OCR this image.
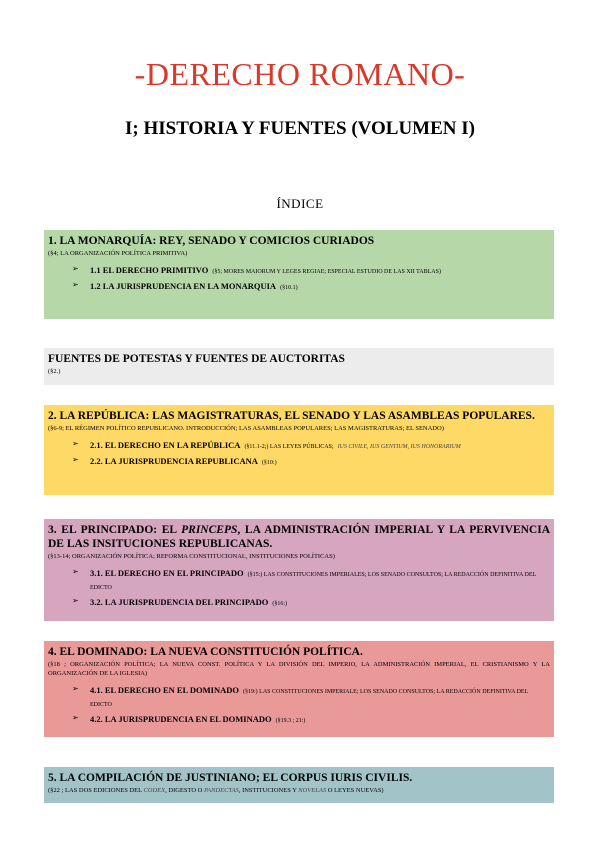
-DERECHO ROMANO-
I; HISTORIA Y FUENTES (VOLUMEN I)
ÍNDICE
1. LA MONARQUÍA: REY, SENADO Y COMICIOS CURIADOS
(§4; LA ORGANIZACIÓN POLÍTICA PRIMITIVA)
➢ 1.1 EL DERECHO PRIMITIVO (§5; MORES MAIORUM Y LEGES REGIAE; ESPECIAL ESTUDIO DE LAS XII TABLAS)
➢ 1.2 LA JURISPRUDENCIA EN LA MONARQUIA (§10.1)
FUENTES DE POTESTAS Y FUENTES DE AUCTORITAS
(§2.)
2. LA REPÚBLICA: LAS MAGISTRATURAS, EL SENADO Y LAS ASAMBLEAS POPULARES.
(§6-9; EL RÉGIMEN POLÍTICO REPUBLICANO. INTRODUCCIÓN; LAS ASAMBLEAS POPULARES; LAS MAGISTRATURAS; EL SENADO)
➢ 2.1. EL DERECHO EN LA REPÚBLICA (§11.1-2;) LAS LEYES PÚBLICAS; IUS CIVILE, IUS GENTIUM, IUS HONORARIUM
➢ 2.2. LA JURISPRUDENCIA REPUBLICANA (§10:)
3. EL PRINCIPADO: EL PRINCEPS, LA ADMINISTRACIÓN IMPERIAL Y LA PERVIVENCIA DE LAS INSITUCIONES REPUBLICANAS.
(§13-14; ORGANIZACIÓN POLÍTICA; REFORMA CONSTITUCIONAL, INSTITUCIONES POLÍTICAS)
➢ 3.1. EL DERECHO EN EL PRINCIPADO (§15:) LAS CONSTITUCIONES IMPERIALES; LOS SENADO CONSULTOS; LA REDACCIÓN DEFINITIVA DEL EDICTO
➢ 3.2. LA JURISPRUDENCIA DEL PRINCIPADO (§16:)
4. EL DOMINADO: LA NUEVA CONSTITUCIÓN POLÍTICA.
(§18 ; ORGANIZACIÓN POLÍTICA; LA NUEVA CONST. POLÍTICA Y LA DIVISIÓN DEL IMPERIO, LA ADMINISTRACIÓN IMPERIAL, EL CRISTIANISMO Y LA ORGANIZACIÓN DE LA IGLESIA)
➢ 4.1. EL DERECHO EN EL DOMINADO (§19:) LAS CONSTITUCIONES IMPERIALE; LOS SENADO CONSULTOS; LA REDACCIÓN DEFINITIVA DEL EDICTO
➢ 4.2. LA JURISPRUDENCIA EN EL DOMINADO (§19.3 ; 21:)
5. LA COMPILACIÓN DE JUSTINIANO; EL CORPUS IURIS CIVILIS.
(§22 ; LAS DOS EDICIONES DEL CODEX, DIGESTO O PANDECTAS, INSTITUCIONES Y NOVELAS O LEYES NUEVAS)
